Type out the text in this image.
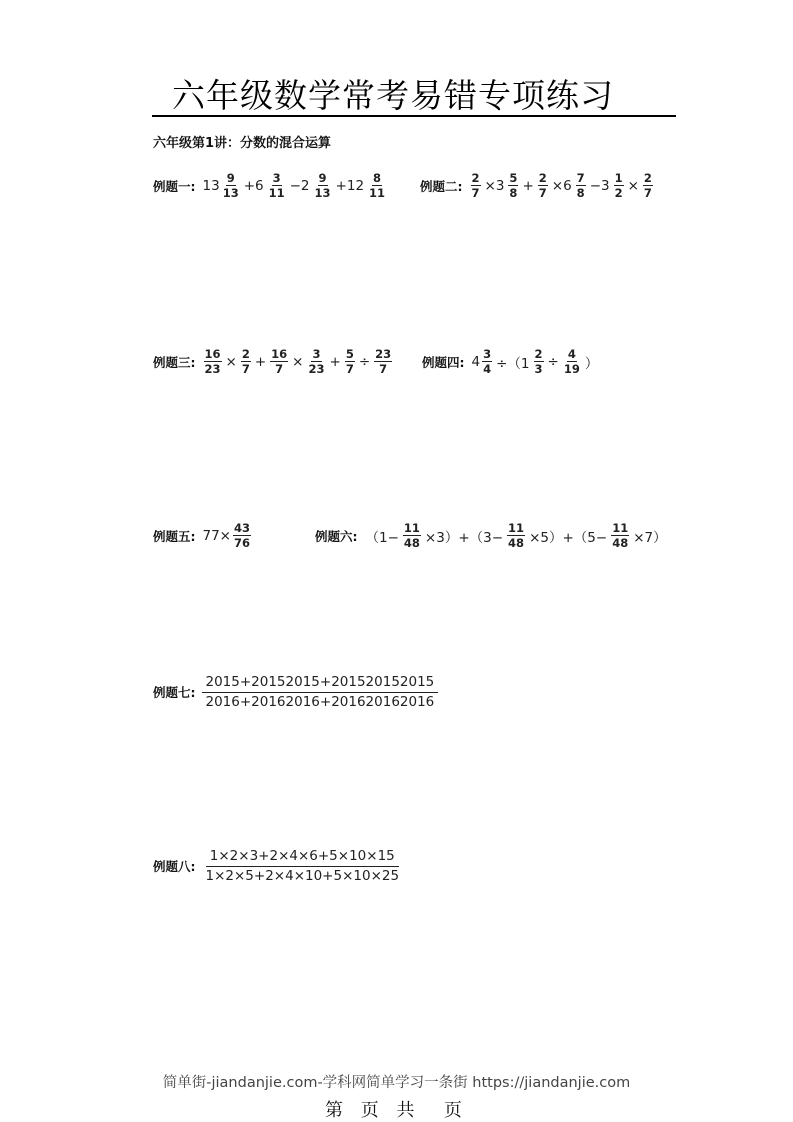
六年级数学常考易错专项练习
六年级第1讲：分数的混合运算
例题一: $13 \frac{9}{13} +6 \frac{3}{11} -2 \frac{9}{13} +12 \frac{8}{11}$	例题二: $\frac{2}{7} \times 3 \frac{5}{8} + \frac{2}{7} \times 6 \frac{7}{8} -3 \frac{1}{2} \times \frac{2}{7}$
例题三: $\frac{16}{23} \times \frac{2}{7} + \frac{16}{7} \times \frac{3}{23} + \frac{5}{7} \div \frac{23}{7}$ 例题四: $4 \frac{3}{4} \div(1 \frac{2}{3} \div \frac{4}{19}$ ）
例题五: $77\times \frac{43}{76}$	例题六: $(1- \frac{11}{48} \times 3)+(3- \frac{11}{48} \times 5)+(5- \frac{11}{48} \times 7)$
例题七: $\frac{2015+20152015+201520152015}{2016+20162016+201620162016}$
例题八: $\frac{1\times 2\times 3+2\times 4\times 6+5\times 10\times 15}{1\times 2\times 5+2\times 4\times 10+5\times 10\times 25}$
简单街-jiandanjie.com-学科网简单学习一条街 https://jiandanjie.com
第 页 共  页
